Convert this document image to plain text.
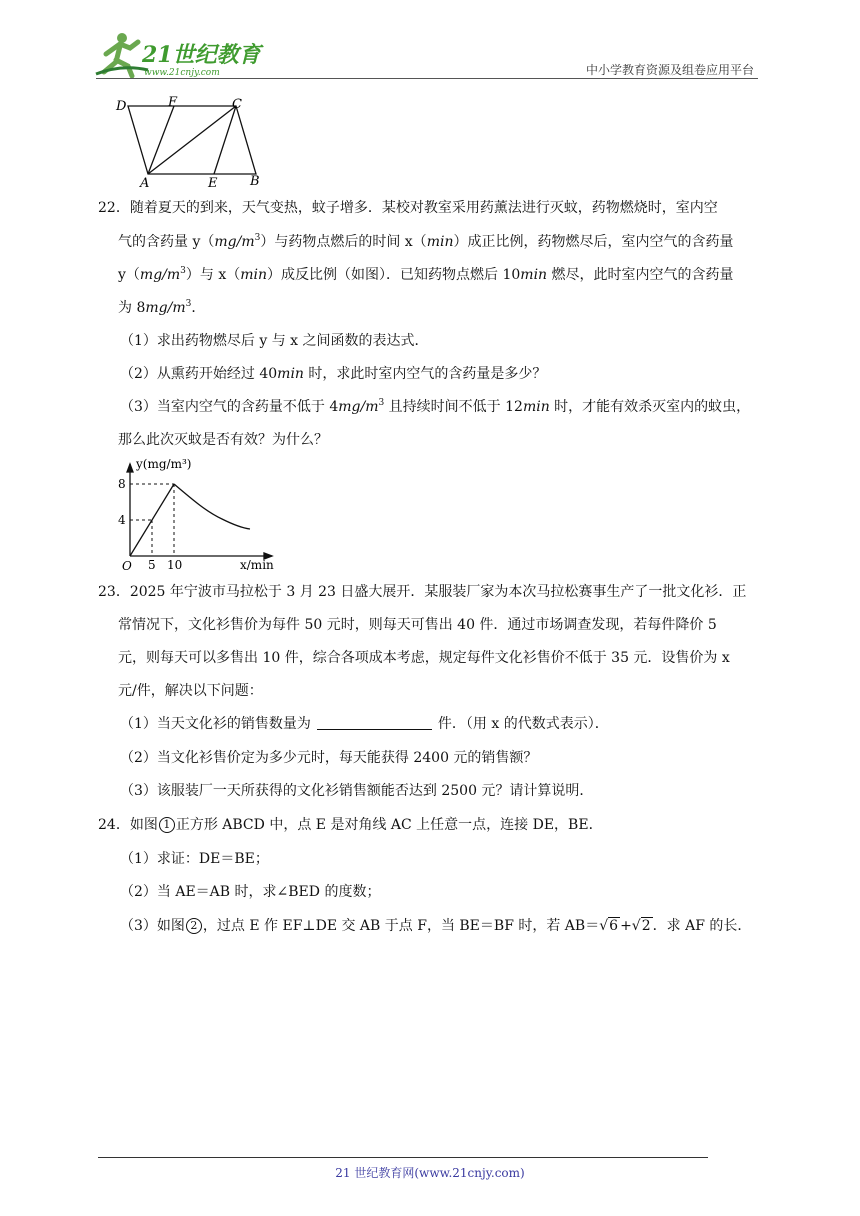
21世纪教育
www.21cnjy.com	中小学教育资源及组卷应用平台
D	F	C
A	E	B
22．随着夏天的到来，天气变热，蚊子增多．某校对教室采用药薰法进行灭蚊，药物燃烧时，室内空
气的含药量 $y(mg/m^3)$与药物点燃后的时间 x（min）成正比例，药物燃尽后，室内空气的含药量
$y(mg/m^3)$与 x（min）成反比例（如图）．已知药物点燃后 10min 燃尽，此时室内空气的含药量
为 $8mg/m^3$．
（1）求出药物燃尽后 y 与 x 之间函数的表达式．
（2）从熏药开始经过 40min 时，求此时室内空气的含药量是多少？
（3）当室内空气的含药量不低于 $4mg/m^3$ 且持续时间不低于 12min 时，才能有效杀灭室内的蚊虫，
那么此次灭蚊是否有效？为什么？
y(mg/m³)
8
4
O 5 10	x/min
23．2025 年宁波市马拉松于 3 月 23 日盛大展开．某服装厂家为本次马拉松赛事生产了一批文化衫．正
常情况下，文化衫售价为每件 50 元时，则每天可售出 40 件．通过市场调查发现，若每件降价 5
元，则每天可以多售出 10 件，综合各项成本考虑，规定每件文化衫售价不低于 35 元．设售价为 x
元/件，解决以下问题：
（1）当天文化衫的销售数量为	件．（用 x 的代数式表示）．
（2）当文化衫售价定为多少元时，每天能获得 2400 元的销售额？
（3）该服装厂一天所获得的文化衫销售额能否达到 2500 元？请计算说明．
24．如图 1 正方形 ABCD 中，点 E 是对角线 AC 上任意一点，连接 DE，BE．
（1）求证：DE＝BE；
（2）当 AE＝AB 时，求∠BED 的度数；
（3）如图 2 ，过点 E 作 EF⊥DE 交 AB 于点 F，当 BE＝BF 时，若 AB＝√6 +√2 ．求 AF 的长．
21 世纪教育网(www.21cnjy.com)
